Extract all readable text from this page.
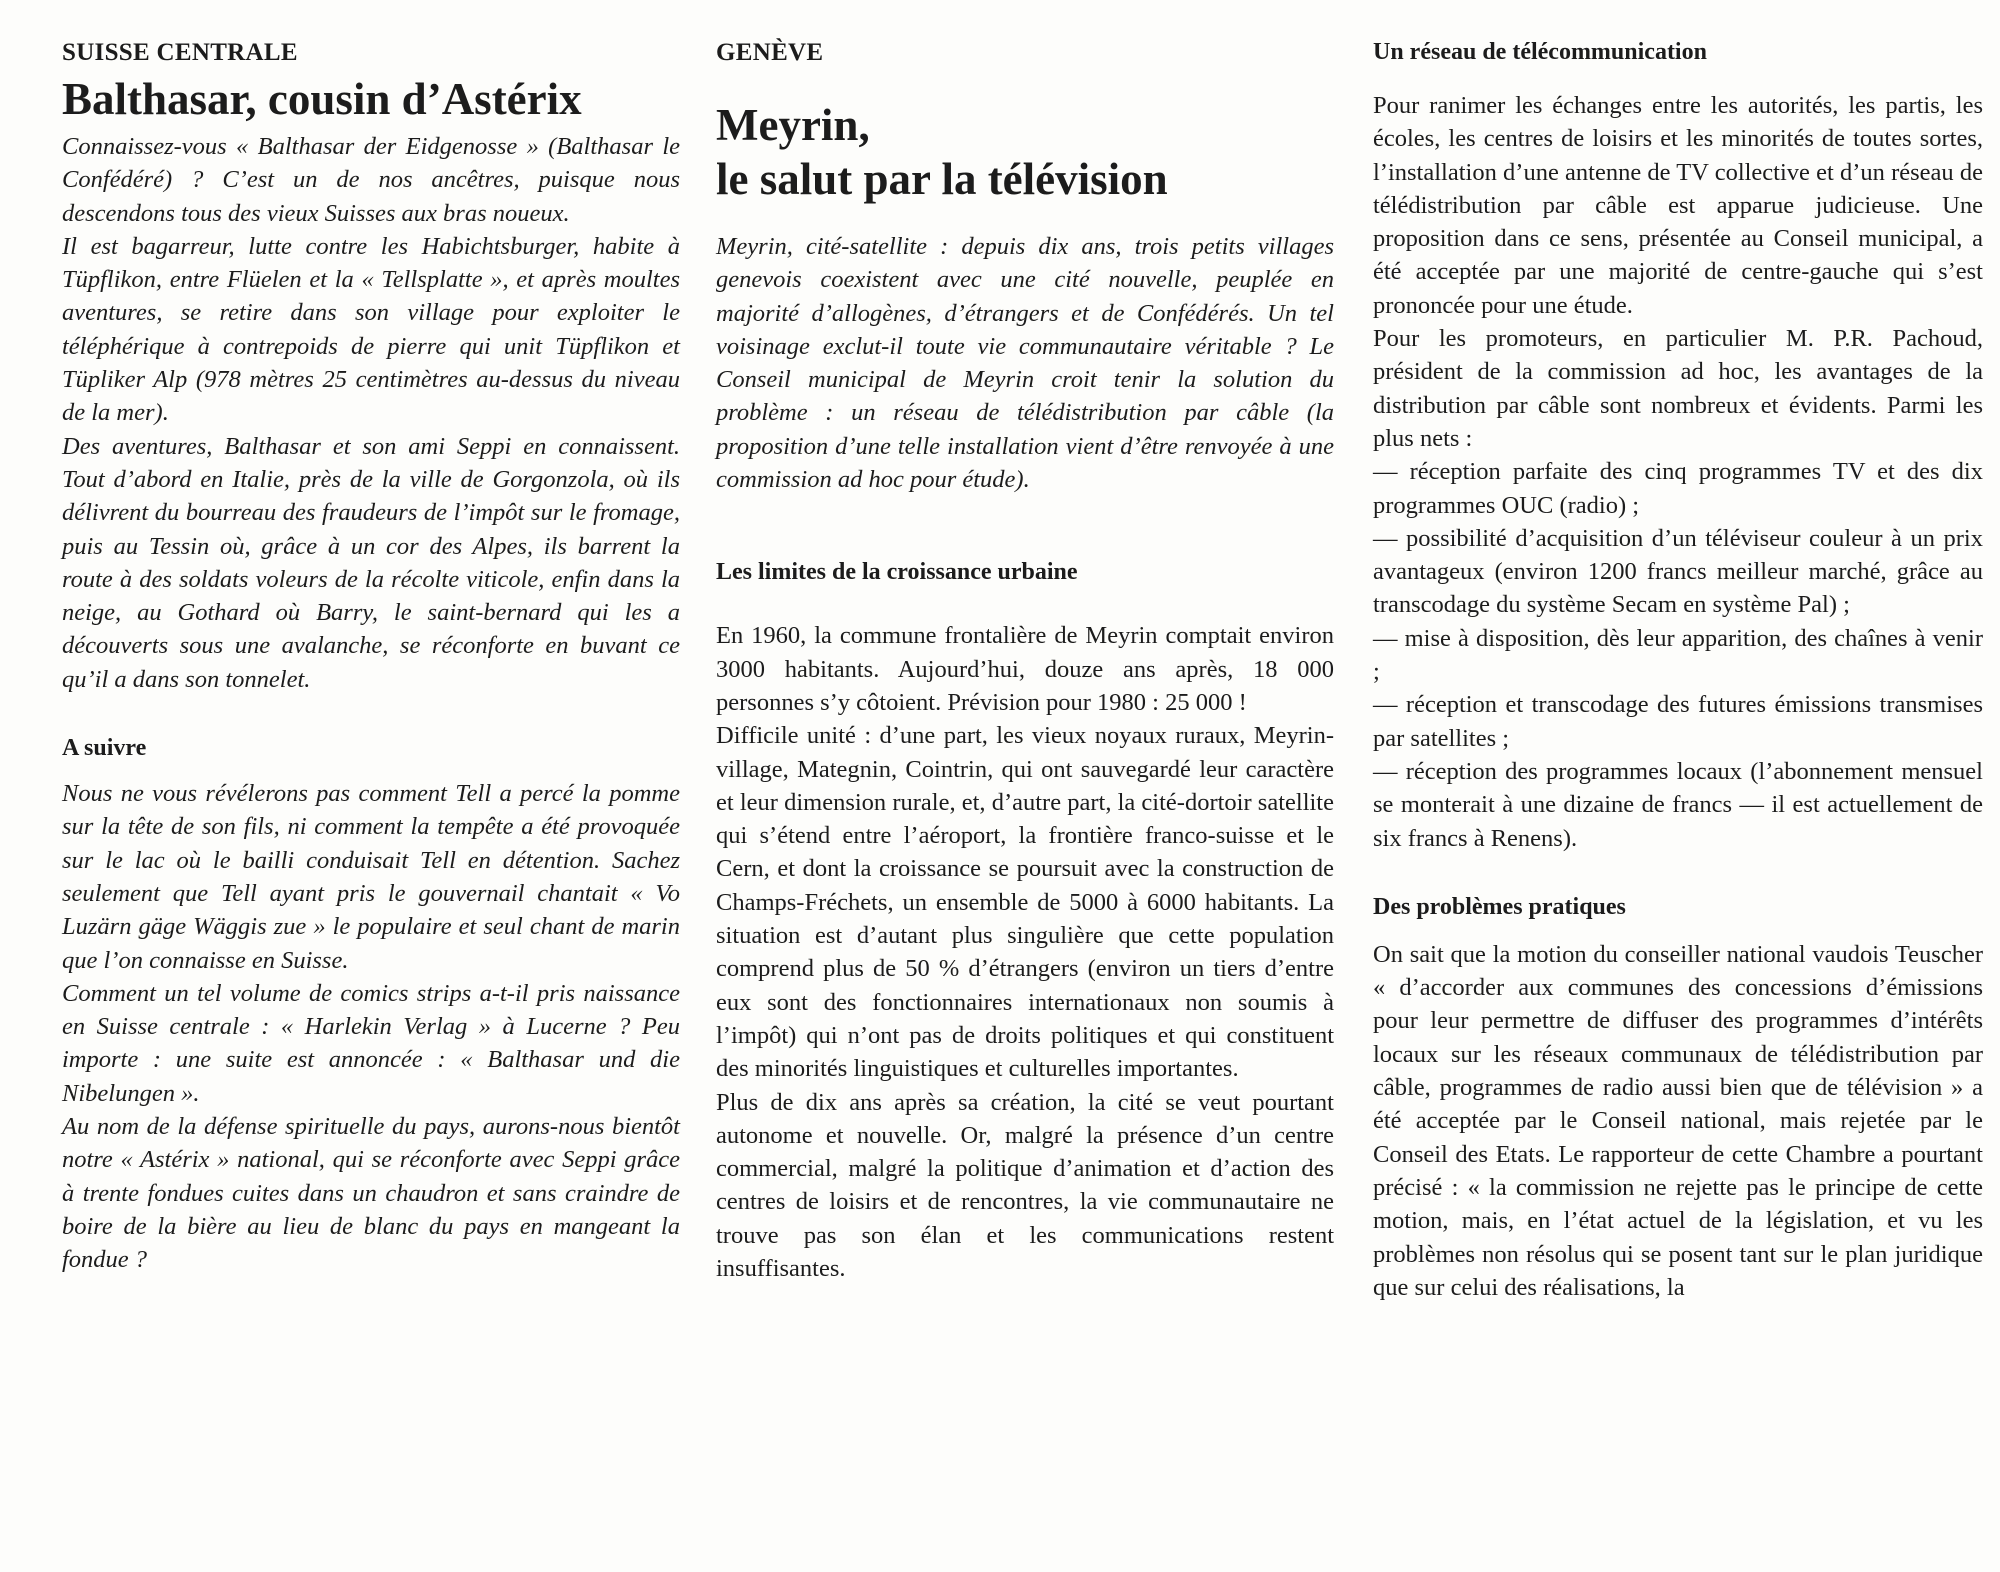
SUISSE CENTRALE

Balthasar, cousin d’Astérix

Connaissez-vous « Balthasar der Eidgenosse » (Balthasar le Confédéré) ? C’est un de nos ancêtres, puisque nous descendons tous des vieux Suisses aux bras noueux.

Il est bagarreur, lutte contre les Habichtsburger, habite à Tüpflikon, entre Flüelen et la « Tellsplatte », et après moultes aventures, se retire dans son village pour exploiter le téléphérique à contrepoids de pierre qui unit Tüpflikon et Tüpliker Alp (978 mètres 25 centimètres au-dessus du niveau de la mer).

Des aventures, Balthasar et son ami Seppi en connaissent. Tout d’abord en Italie, près de la ville de Gorgonzola, où ils délivrent du bourreau des fraudeurs de l’impôt sur le fromage, puis au Tessin où, grâce à un cor des Alpes, ils barrent la route à des soldats voleurs de la récolte viticole, enfin dans la neige, au Gothard où Barry, le saint-bernard qui les a découverts sous une avalanche, se réconforte en buvant ce qu’il a dans son tonnelet.

A suivre

Nous ne vous révélerons pas comment Tell a percé la pomme sur la tête de son fils, ni comment la tempête a été provoquée sur le lac où le bailli conduisait Tell en détention. Sachez seulement que Tell ayant pris le gouvernail chantait « Vo Luzärn gäge Wäggis zue » le populaire et seul chant de marin que l’on connaisse en Suisse.

Comment un tel volume de comics strips a-t-il pris naissance en Suisse centrale : « Harlekin Verlag » à Lucerne ? Peu importe : une suite est annoncée : « Balthasar und die Nibelungen ».

Au nom de la défense spirituelle du pays, aurons-nous bientôt notre « Astérix » national, qui se réconforte avec Seppi grâce à trente fondues cuites dans un chaudron et sans craindre de boire de la bière au lieu de blanc du pays en mangeant la fondue ?

GENÈVE

Meyrin,
le salut par la télévision

Meyrin, cité-satellite : depuis dix ans, trois petits villages genevois coexistent avec une cité nouvelle, peuplée en majorité d’allogènes, d’étrangers et de Confédérés. Un tel voisinage exclut-il toute vie communautaire véritable ? Le Conseil municipal de Meyrin croit tenir la solution du problème : un réseau de télédistribution par câble (la proposition d’une telle installation vient d’être renvoyée à une commission ad hoc pour étude).

Les limites de la croissance urbaine

En 1960, la commune frontalière de Meyrin comptait environ 3000 habitants. Aujourd’hui, douze ans après, 18 000 personnes s’y côtoient. Prévision pour 1980 : 25 000 !

Difficile unité : d’une part, les vieux noyaux ruraux, Meyrin-village, Mategnin, Cointrin, qui ont sauvegardé leur caractère et leur dimension rurale, et, d’autre part, la cité-dortoir satellite qui s’étend entre l’aéroport, la frontière franco-suisse et le Cern, et dont la croissance se poursuit avec la construction de Champs-Fréchets, un ensemble de 5000 à 6000 habitants. La situation est d’autant plus singulière que cette population comprend plus de 50 % d’étrangers (environ un tiers d’entre eux sont des fonctionnaires internationaux non soumis à l’impôt) qui n’ont pas de droits politiques et qui constituent des minorités linguistiques et culturelles importantes.

Plus de dix ans après sa création, la cité se veut pourtant autonome et nouvelle. Or, malgré la présence d’un centre commercial, malgré la politique d’animation et d’action des centres de loisirs et de rencontres, la vie communautaire ne trouve pas son élan et les communications restent insuffisantes.

Un réseau de télécommunication

Pour ranimer les échanges entre les autorités, les partis, les écoles, les centres de loisirs et les minorités de toutes sortes, l’installation d’une antenne de TV collective et d’un réseau de télédistribution par câble est apparue judicieuse. Une proposition dans ce sens, présentée au Conseil municipal, a été acceptée par une majorité de centre-gauche qui s’est prononcée pour une étude.

Pour les promoteurs, en particulier M. P.R. Pachoud, président de la commission ad hoc, les avantages de la distribution par câble sont nombreux et évidents. Parmi les plus nets :

— réception parfaite des cinq programmes TV et des dix programmes OUC (radio) ;

— possibilité d’acquisition d’un téléviseur couleur à un prix avantageux (environ 1200 francs meilleur marché, grâce au transcodage du système Secam en système Pal) ;

— mise à disposition, dès leur apparition, des chaînes à venir ;

— réception et transcodage des futures émissions transmises par satellites ;

— réception des programmes locaux (l’abonnement mensuel se monterait à une dizaine de francs — il est actuellement de six francs à Renens).

Des problèmes pratiques

On sait que la motion du conseiller national vaudois Teuscher « d’accorder aux communes des concessions d’émissions pour leur permettre de diffuser des programmes d’intérêts locaux sur les réseaux communaux de télédistribution par câble, programmes de radio aussi bien que de télévision » a été acceptée par le Conseil national, mais rejetée par le Conseil des Etats. Le rapporteur de cette Chambre a pourtant précisé : « la commission ne rejette pas le principe de cette motion, mais, en l’état actuel de la législation, et vu les problèmes non résolus qui se posent tant sur le plan juridique que sur celui des réalisations, la
